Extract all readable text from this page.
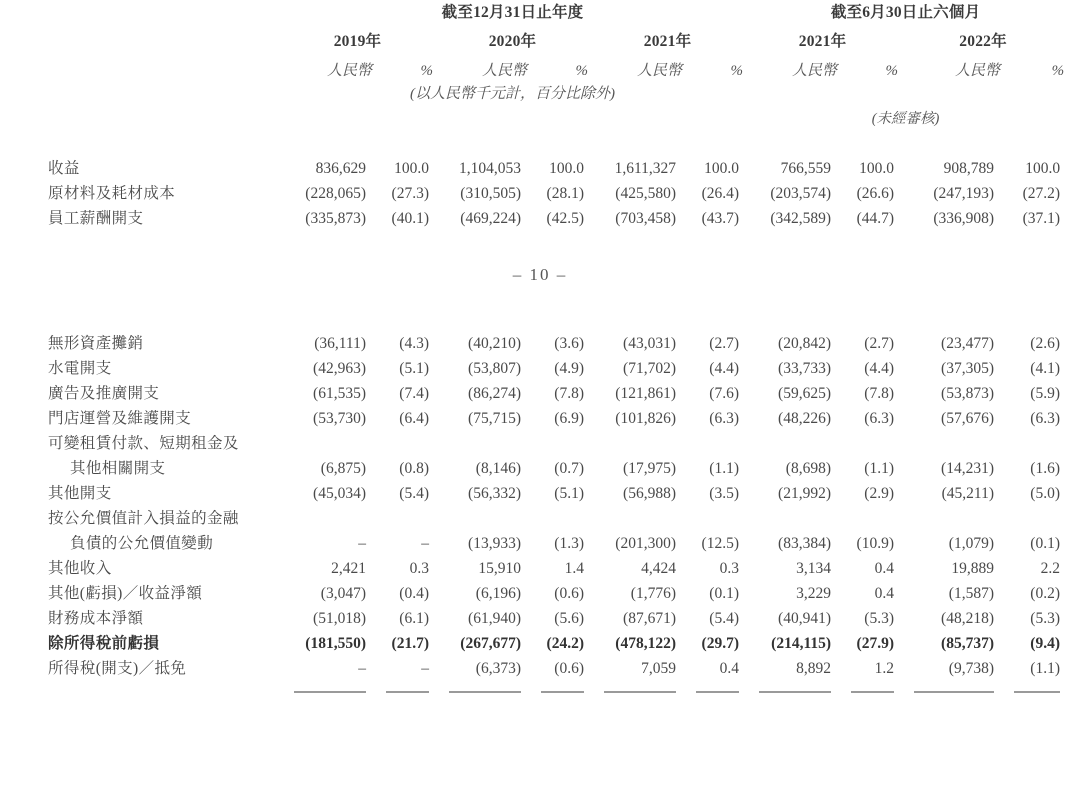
	截至12月31日止年度						截至6月30日止六個月			
	2019年		2020年		2021年		2021年		2022年	
	人民幣	%	人民幣	%	人民幣	%	人民幣	%	人民幣	%
	(以人民幣千元計，百分比除外)									
							(未經審核)			

收益	836,629	100.0	1,104,053	100.0	1,611,327	100.0	766,559	100.0	908,789	100.0
原材料及耗材成本	(228,065)	(27.3)	(310,505)	(28.1)	(425,580)	(26.4)	(203,574)	(26.6)	(247,193)	(27.2)
員工薪酬開支	(335,873)	(40.1)	(469,224)	(42.5)	(703,458)	(43.7)	(342,589)	(44.7)	(336,908)	(37.1)
– 10 –
無形資產攤銷	(36,111)	(4.3)	(40,210)	(3.6)	(43,031)	(2.7)	(20,842)	(2.7)	(23,477)	(2.6)
水電開支	(42,963)	(5.1)	(53,807)	(4.9)	(71,702)	(4.4)	(33,733)	(4.4)	(37,305)	(4.1)
廣告及推廣開支	(61,535)	(7.4)	(86,274)	(7.8)	(121,861)	(7.6)	(59,625)	(7.8)	(53,873)	(5.9)
門店運營及維護開支	(53,730)	(6.4)	(75,715)	(6.9)	(101,826)	(6.3)	(48,226)	(6.3)	(57,676)	(6.3)
可變租賃付款、短期租金及										
其他相關開支	(6,875)	(0.8)	(8,146)	(0.7)	(17,975)	(1.1)	(8,698)	(1.1)	(14,231)	(1.6)
其他開支	(45,034)	(5.4)	(56,332)	(5.1)	(56,988)	(3.5)	(21,992)	(2.9)	(45,211)	(5.0)
按公允價值計入損益的金融										
負債的公允價值變動	–	–	(13,933)	(1.3)	(201,300)	(12.5)	(83,384)	(10.9)	(1,079)	(0.1)
其他收入	2,421	0.3	15,910	1.4	4,424	0.3	3,134	0.4	19,889	2.2
其他(虧損)／收益淨額	(3,047)	(0.4)	(6,196)	(0.6)	(1,776)	(0.1)	3,229	0.4	(1,587)	(0.2)
財務成本淨額	(51,018)	(6.1)	(61,940)	(5.6)	(87,671)	(5.4)	(40,941)	(5.3)	(48,218)	(5.3)
除所得稅前虧損	(181,550)	(21.7)	(267,677)	(24.2)	(478,122)	(29.7)	(214,115)	(27.9)	(85,737)	(9.4)
所得稅(開支)／抵免	–	–	(6,373)	(0.6)	7,059	0.4	8,892	1.2	(9,738)	(1.1)
